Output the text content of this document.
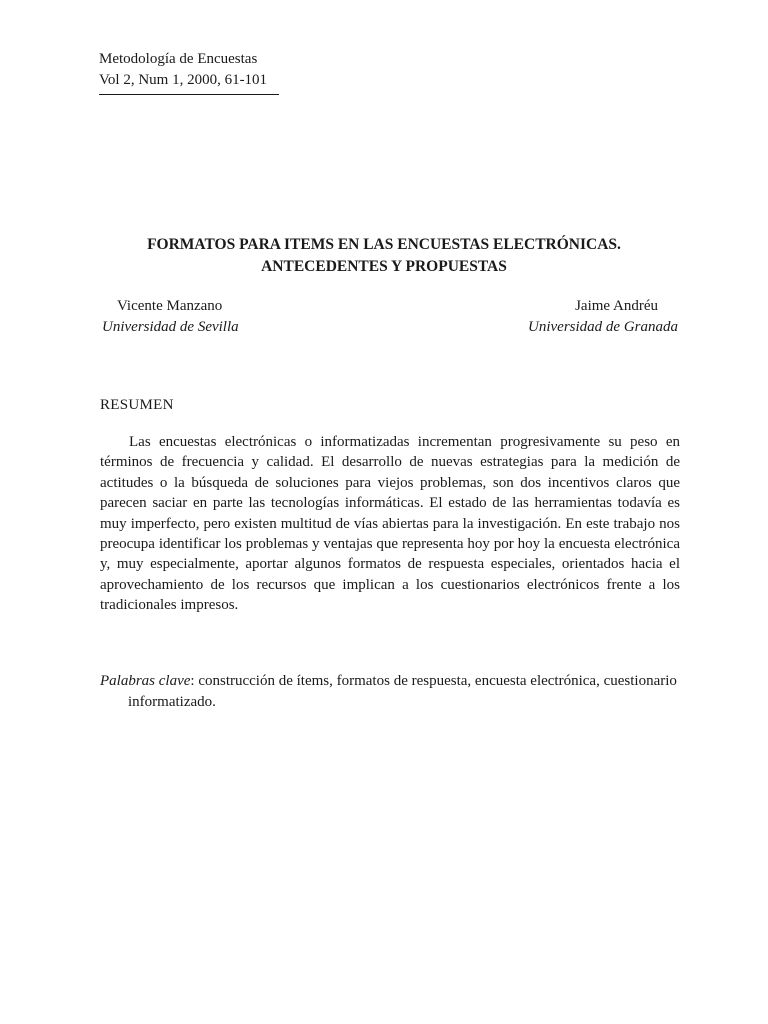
Metodología de Encuestas
Vol 2, Num 1, 2000, 61-101
FORMATOS PARA ITEMS EN LAS ENCUESTAS ELECTRÓNICAS.
ANTECEDENTES Y PROPUESTAS
Vicente Manzano
Universidad de Sevilla
Jaime Andréu
Universidad de Granada
RESUMEN

Las encuestas electrónicas o informatizadas incrementan progresivamente su peso en términos de frecuencia y calidad. El desarrollo de nuevas estrategias para la medición de actitudes o la búsqueda de soluciones para viejos problemas, son dos incentivos claros que parecen saciar en parte las tecnologías informáticas. El estado de las herramientas todavía es muy imperfecto, pero existen multitud de vías abiertas para la investigación. En este trabajo nos preocupa identificar los problemas y ventajas que representa hoy por hoy la encuesta electrónica y, muy especialmente, aportar algunos formatos de respuesta especiales, orientados hacia el aprovechamiento de los recursos que implican a los cuestionarios electrónicos frente a los tradicionales impresos.

Palabras clave: construcción de ítems, formatos de respuesta, encuesta electrónica, cuestionario informatizado.
